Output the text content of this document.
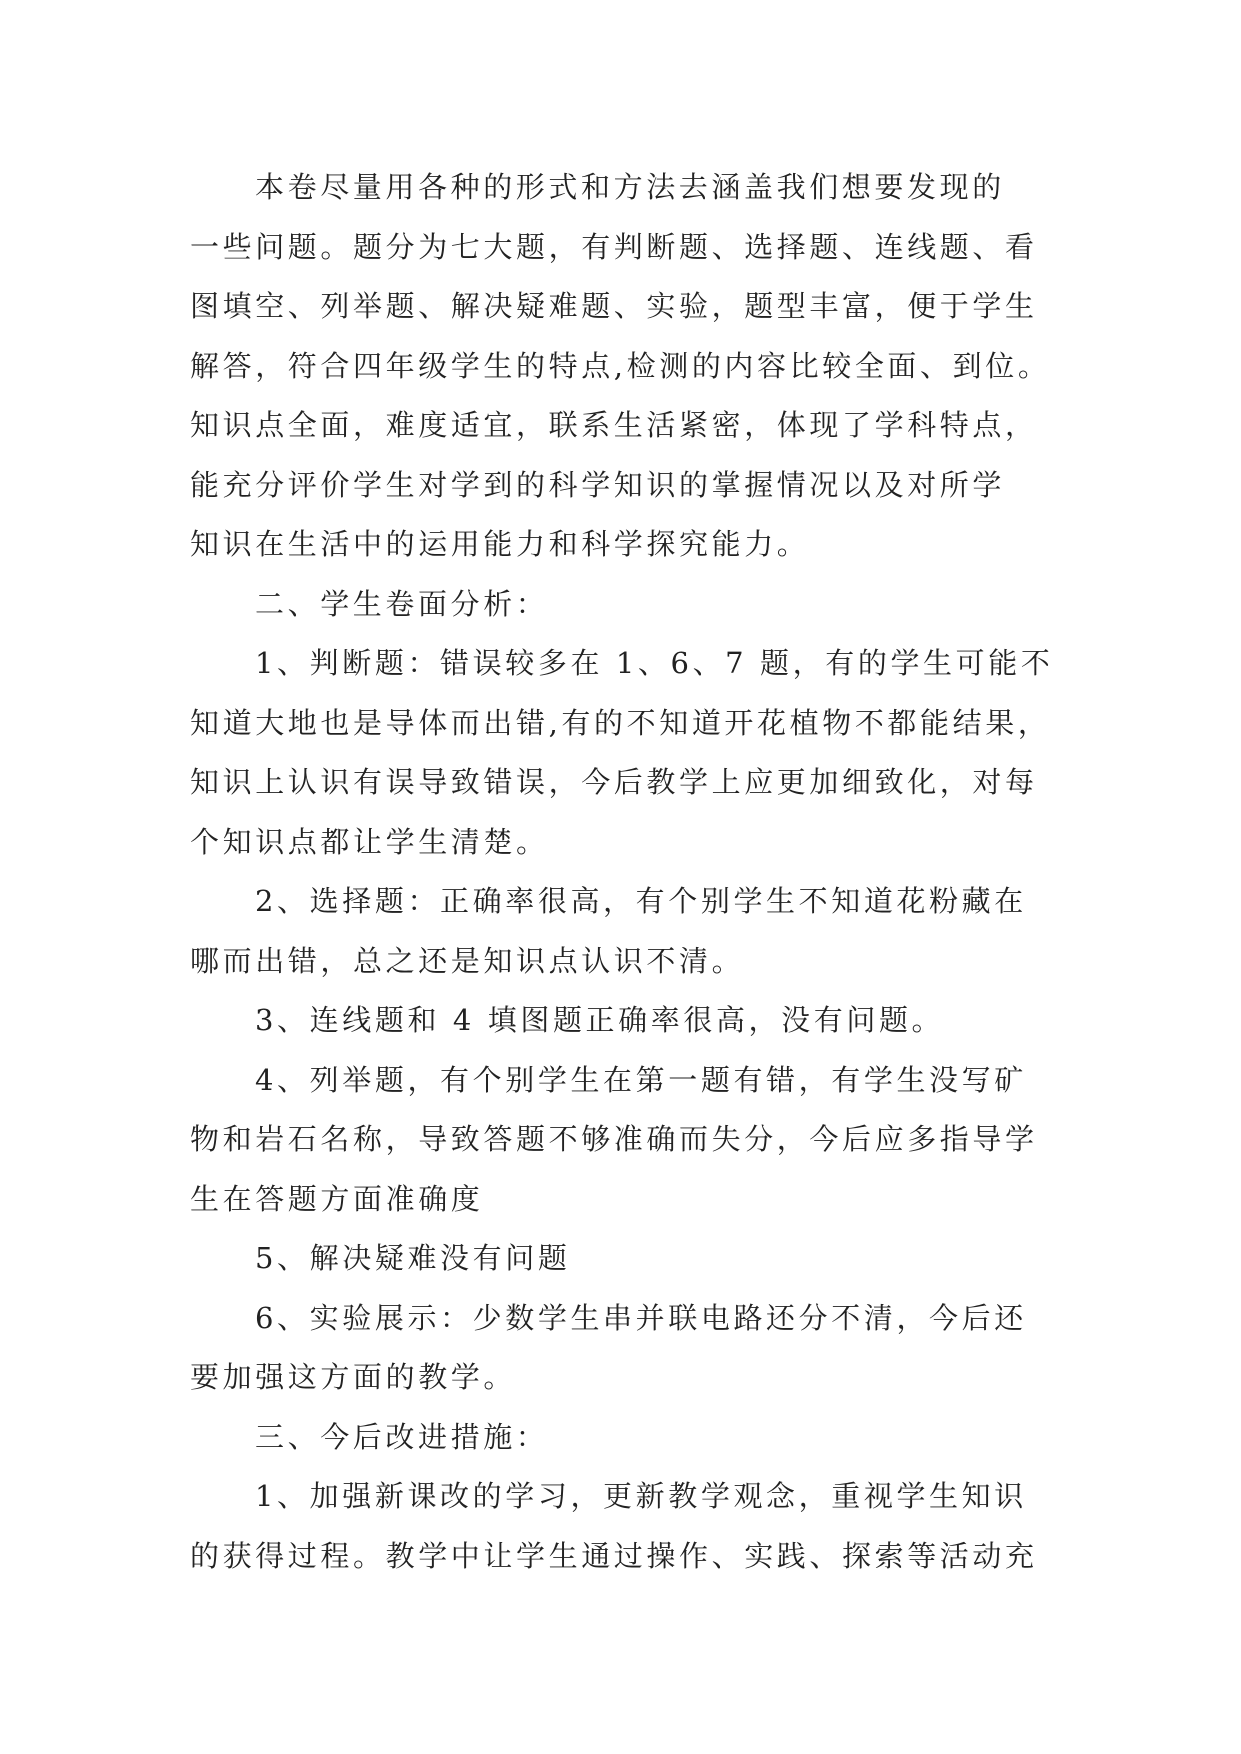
本卷尽量用各种的形式和方法去涵盖我们想要发现的
一些问题。题分为七大题，有判断题、选择题、连线题、看
图填空、列举题、解决疑难题、实验，题型丰富，便于学生
解答，符合四年级学生的特点,检测的内容比较全面、到位。
知识点全面，难度适宜，联系生活紧密，体现了学科特点，
能充分评价学生对学到的科学知识的掌握情况以及对所学
知识在生活中的运用能力和科学探究能力。

二、学生卷面分析：

1、判断题：错误较多在 1、6、7 题，有的学生可能不
知道大地也是导体而出错,有的不知道开花植物不都能结果，
知识上认识有误导致错误，今后教学上应更加细致化，对每
个知识点都让学生清楚。

2、选择题：正确率很高，有个别学生不知道花粉藏在
哪而出错，总之还是知识点认识不清。

3、连线题和 4 填图题正确率很高，没有问题。

4、列举题，有个别学生在第一题有错，有学生没写矿
物和岩石名称，导致答题不够准确而失分，今后应多指导学
生在答题方面准确度

5、解决疑难没有问题

6、实验展示：少数学生串并联电路还分不清，今后还
要加强这方面的教学。

三、今后改进措施：

1、加强新课改的学习，更新教学观念，重视学生知识
的获得过程。教学中让学生通过操作、实践、探索等活动充
